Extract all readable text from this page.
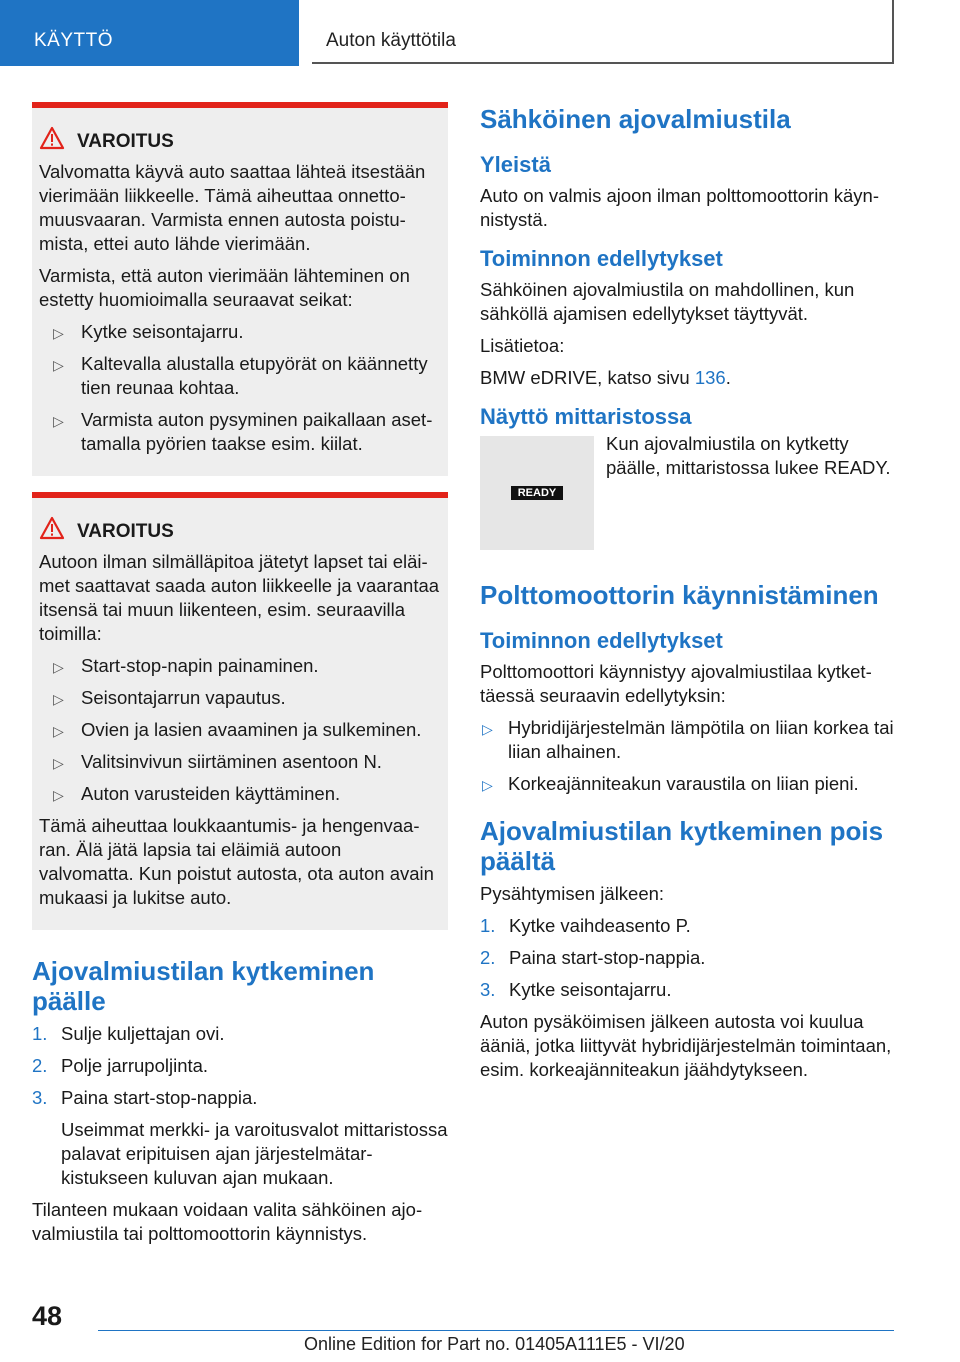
KÄYTTÖ	Auton käyttötila
VAROITUS

Valvomatta käyvä auto saattaa lähteä itsestään vierimään liikkeelle. Tämä aiheuttaa onnettomuusvaaran. Varmista ennen autosta poistumista, ettei auto lähde vierimään.

Varmista, että auton vierimään lähteminen on estetty huomioimalla seuraavat seikat:

▷ Kytke seisontajarru.
▷ Kaltevalla alustalla etupyörät on käännetty tien reunaa kohtaa.
▷ Varmista auton pysyminen paikallaan asettamalla pyörien taakse esim. kiilat.
VAROITUS

Autoon ilman silmälläpitoa jätetyt lapset tai eläimet saattavat saada auton liikkeelle ja vaarantaa itsensä tai muun liikenteen, esim. seuraavilla toimilla:

▷ Start-stop-napin painaminen.
▷ Seisontajarrun vapautus.
▷ Ovien ja lasien avaaminen ja sulkeminen.
▷ Valitsinvivun siirtäminen asentoon N.
▷ Auton varusteiden käyttäminen.

Tämä aiheuttaa loukkaantumis- ja hengenvaaran. Älä jätä lapsia tai eläimiä autoon valvomatta. Kun poistut autosta, ota auton avain mukaasi ja lukitse auto.

Ajovalmiustilan kytkeminen päälle
1. Sulje kuljettajan ovi.
2. Polje jarrupoljinta.
3. Paina start-stop-nappia.
Useimmat merkki- ja varoitusvalot mittaristossa palavat eripituisen ajan järjestelmätarkistukseen kuluvan ajan mukaan.

Tilanteen mukaan voidaan valita sähköinen ajovalmiustila tai polttomoottorin käynnistys.

Sähköinen ajovalmiustila
Yleistä

Auto on valmis ajoon ilman polttomoottorin käynnistystä.

Toiminnon edellytykset

Sähköinen ajovalmiustila on mahdollinen, kun sähköllä ajamisen edellytykset täyttyvät.

Lisätietoa:

BMW eDRIVE, katso sivu 136.

Näyttö mittaristossa
READY
Kun ajovalmiustila on kytketty päälle, mittaristossa lukee READY.
Polttomoottorin käynnistäminen
Toiminnon edellytykset

Polttomoottori käynnistyy ajovalmiustilaa kytkettäessä seuraavin edellytyksin:

▷ Hybridijärjestelmän lämpötila on liian korkea tai liian alhainen.
▷ Korkeajänniteakun varaustila on liian pieni.
Ajovalmiustilan kytkeminen pois päältä

Pysähtymisen jälkeen:

1. Kytke vaihdeasento P.
2. Paina start-stop-nappia.
3. Kytke seisontajarru.

Auton pysäköimisen jälkeen autosta voi kuulua ääniä, jotka liittyvät hybridijärjestelmän toimintaan, esim. korkeajänniteakun jäähdytykseen.

48
Online Edition for Part no. 01405A111E5 - VI/20
